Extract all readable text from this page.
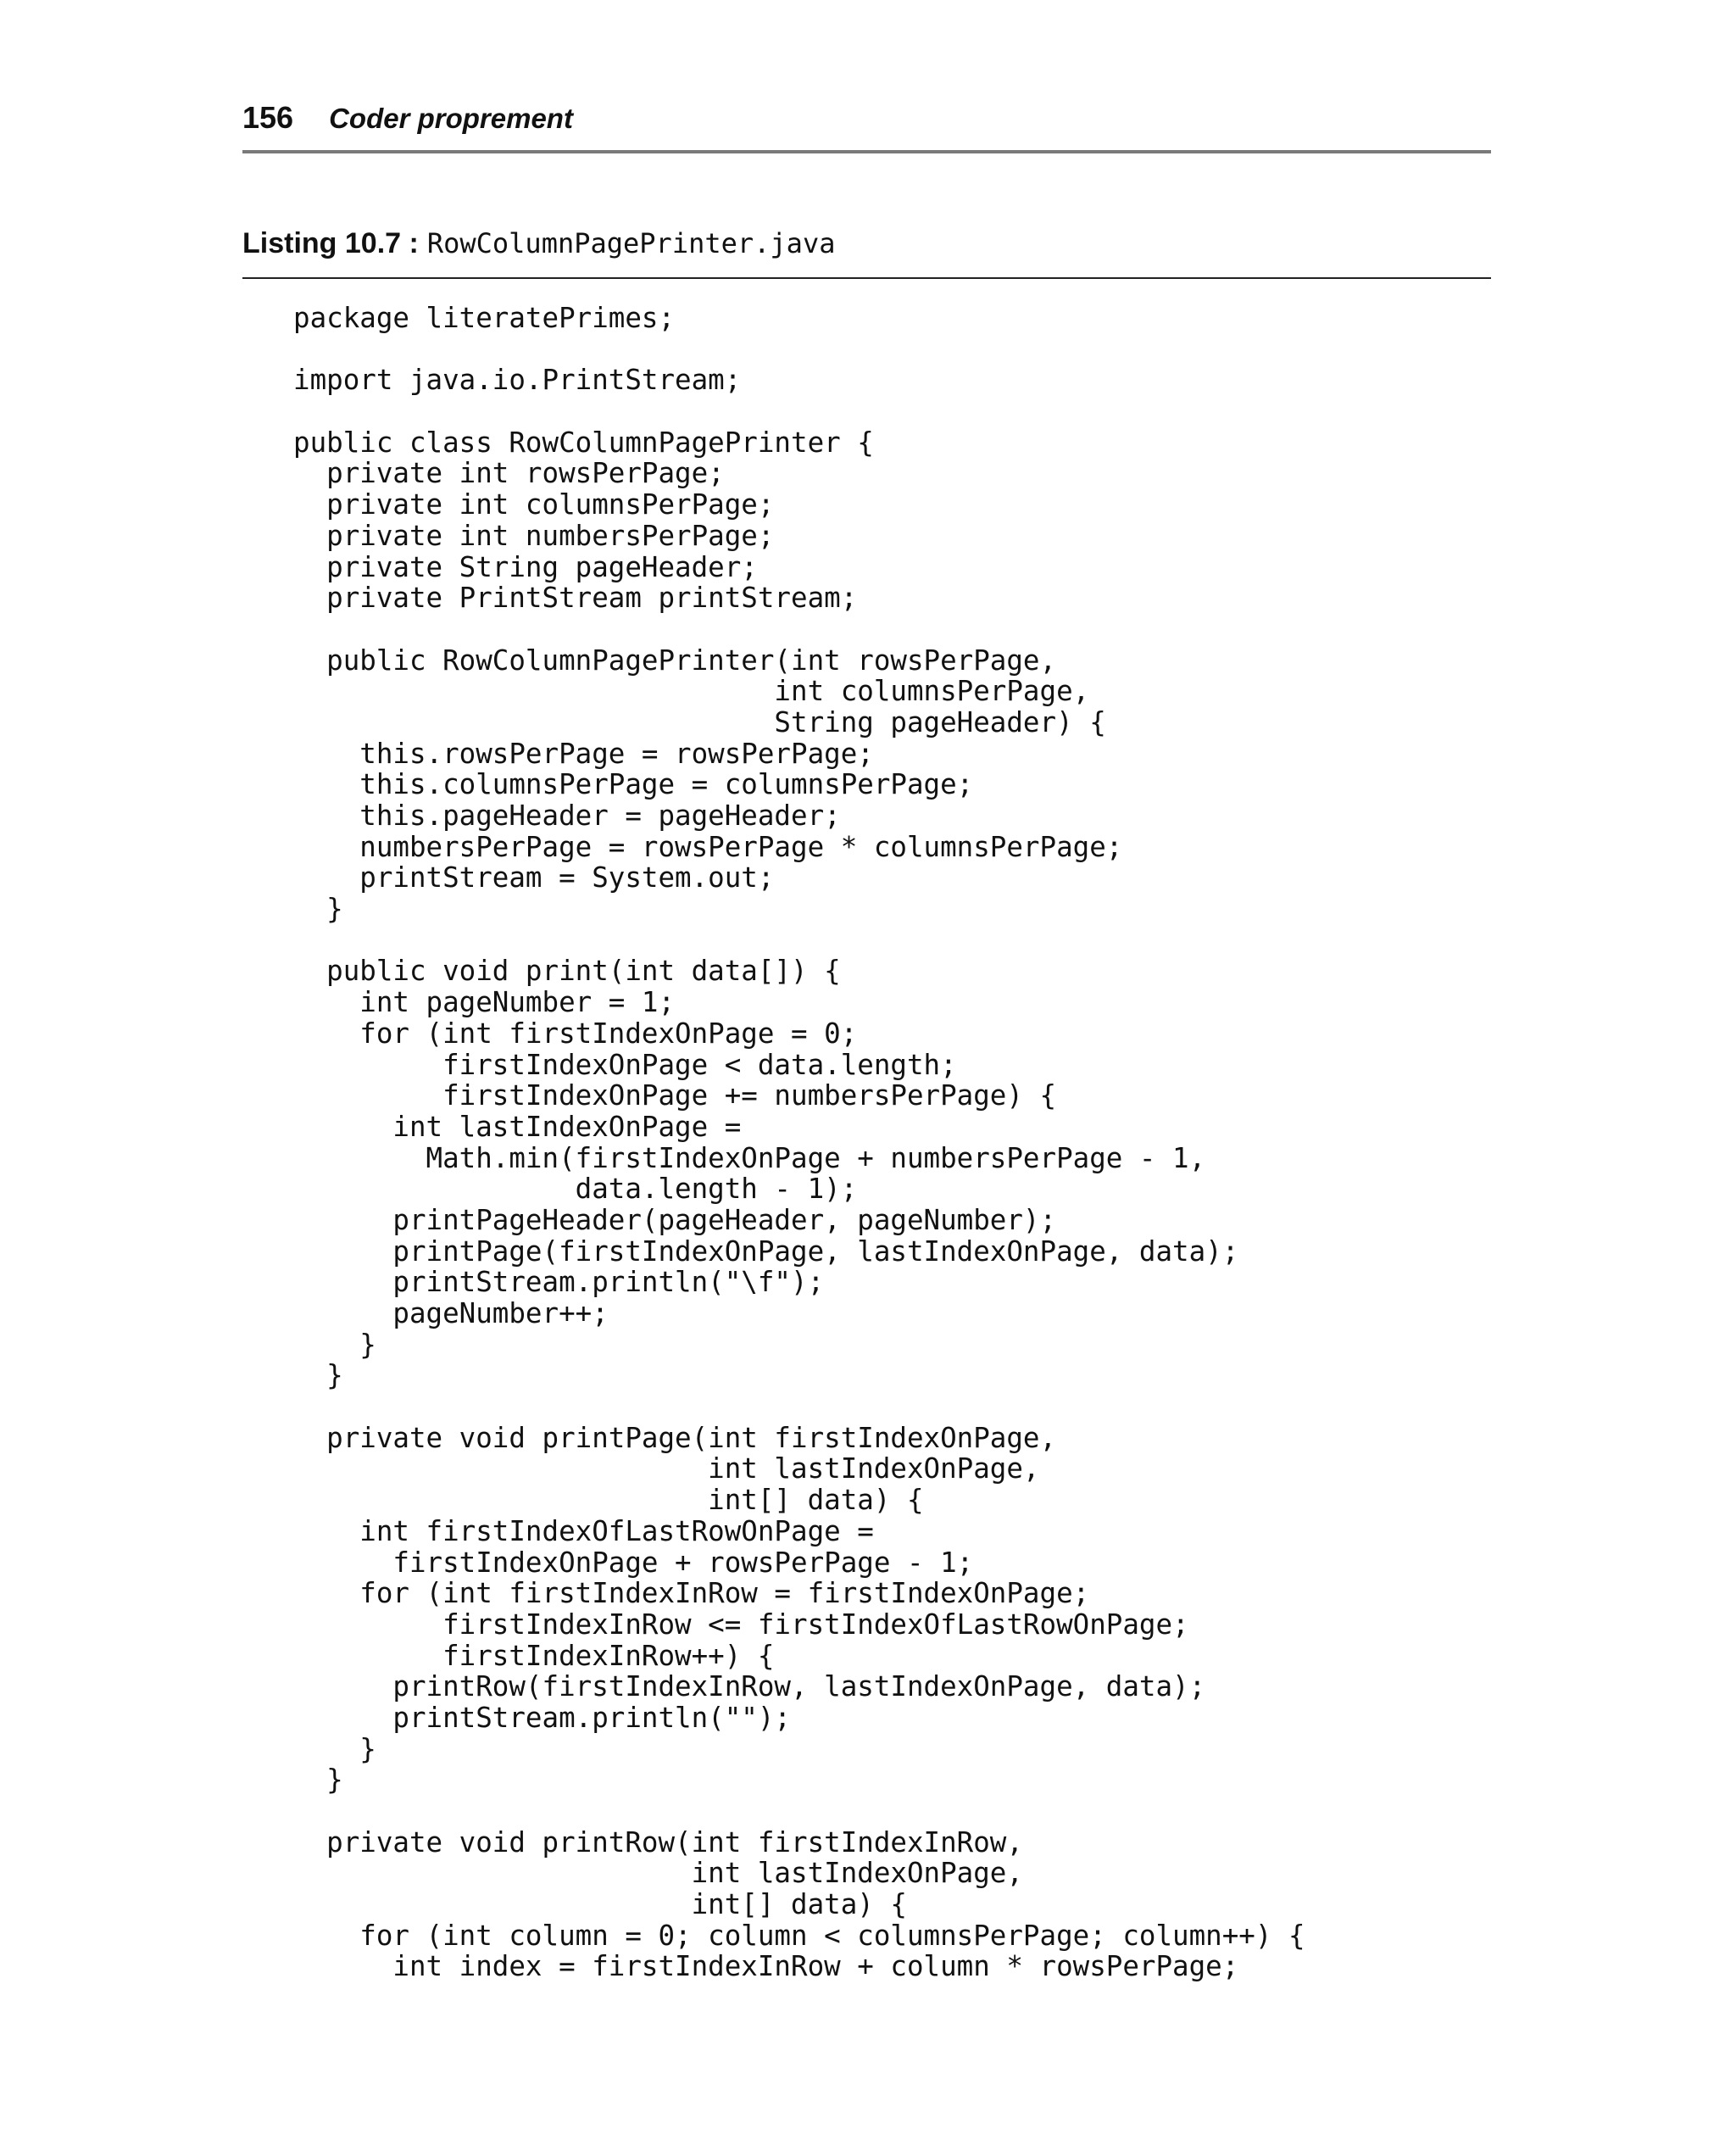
156 Coder proprement
Listing 10.7 : RowColumnPagePrinter.java
package literatePrimes;
import java.io.PrintStream;
public class RowColumnPagePrinter {
private int rowsPerPage;
private int columnsPerPage;
private int numbersPerPage;
private String pageHeader;
private PrintStream printStream;
public RowColumnPagePrinter(int rowsPerPage,
int columnsPerPage,
String pageHeader) {
this.rowsPerPage = rowsPerPage;
this.columnsPerPage = columnsPerPage;
this.pageHeader = pageHeader;
numbersPerPage = rowsPerPage * columnsPerPage;
printStream = System.out;
}
public void print(int data[]) {
int pageNumber = 1;
for (int firstIndexOnPage = 0;
firstIndexOnPage < data.length;
firstIndexOnPage += numbersPerPage) {
int lastIndexOnPage =
Math.min(firstIndexOnPage + numbersPerPage - 1,
data.length - 1);
printPageHeader(pageHeader, pageNumber);
printPage(firstIndexOnPage, lastIndexOnPage, data);
printStream.println("\f");
pageNumber++;
}
}
private void printPage(int firstIndexOnPage,
int lastIndexOnPage,
int[] data) {
int firstIndexOfLastRowOnPage =
firstIndexOnPage + rowsPerPage - 1;
for (int firstIndexInRow = firstIndexOnPage;
firstIndexInRow <= firstIndexOfLastRowOnPage;
firstIndexInRow++) {
printRow(firstIndexInRow, lastIndexOnPage, data);
printStream.println("");
}
}
private void printRow(int firstIndexInRow,
int lastIndexOnPage,
int[] data) {
for (int column = 0; column < columnsPerPage; column++) {
int index = firstIndexInRow + column * rowsPerPage;
